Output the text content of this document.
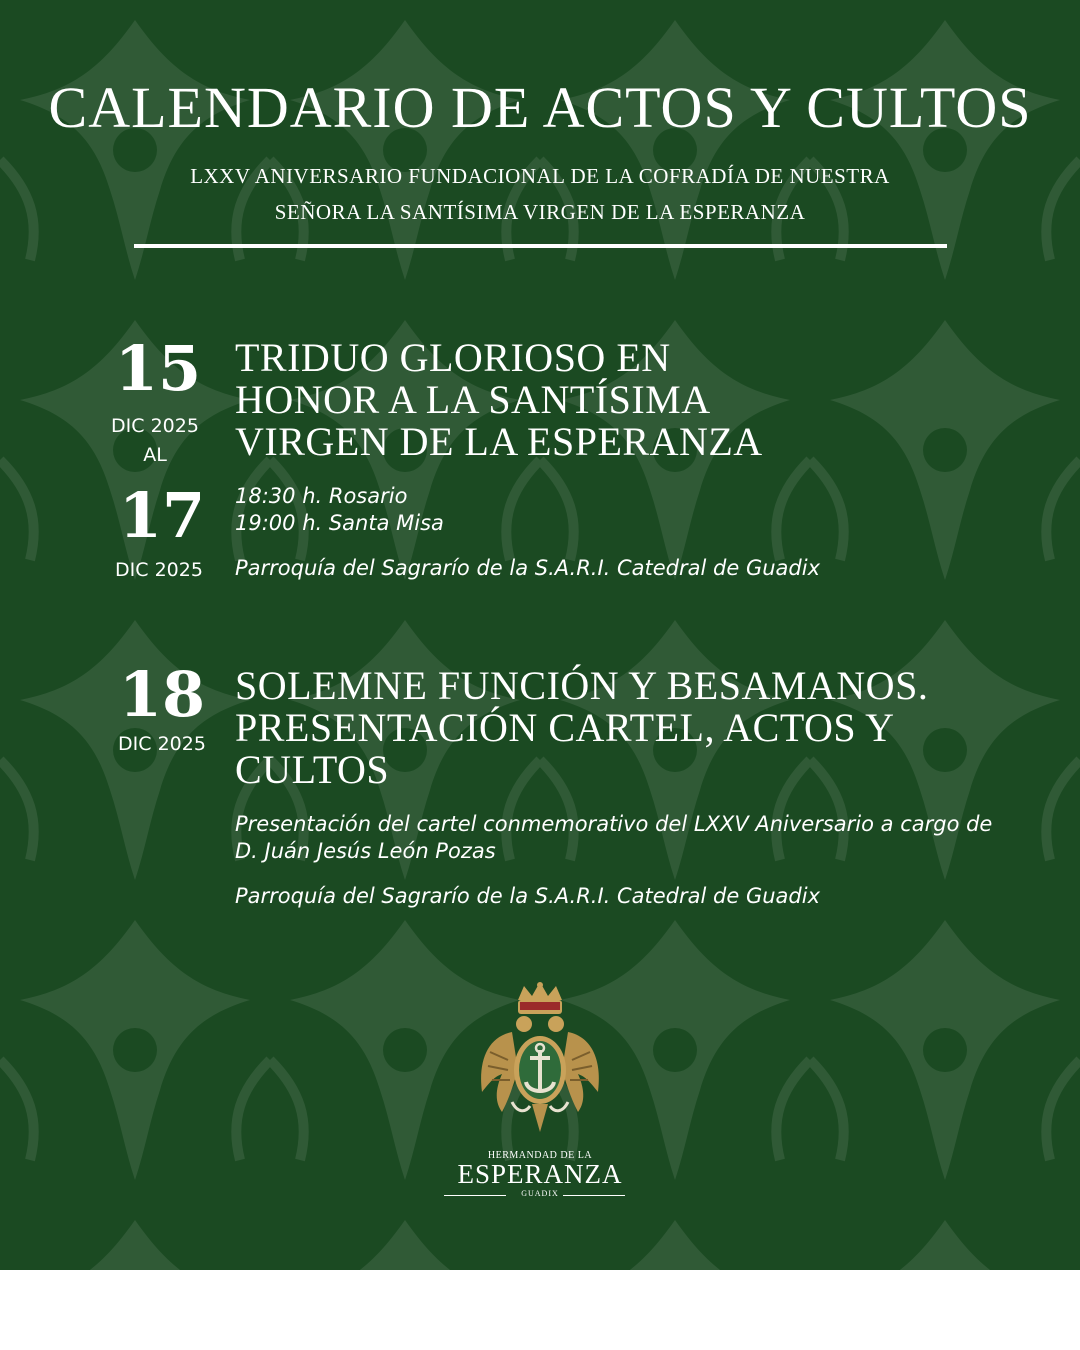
CALENDARIO DE ACTOS Y CULTOS
LXXV ANIVERSARIO FUNDACIONAL DE LA COFRADÍA DE NUESTRA
SEÑORA LA SANTÍSIMA VIRGEN DE LA ESPERANZA
15
DIC 2025
AL
17
DIC 2025
TRIDUO GLORIOSO EN
HONOR A LA SANTÍSIMA
VIRGEN DE LA ESPERANZA
18:30 h. Rosario
19:00 h. Santa Misa
Parroquía del Sagrarío de la S.A.R.I. Catedral de Guadix
18
DIC 2025
SOLEMNE FUNCIÓN Y BESAMANOS.
PRESENTACIÓN CARTEL, ACTOS Y
CULTOS
Presentación del cartel conmemorativo del LXXV Aniversario a cargo de
D. Juán Jesús León Pozas
Parroquía del Sagrarío de la S.A.R.I. Catedral de Guadix
HERMANDAD DE LA
ESPERANZA
GUADIX
